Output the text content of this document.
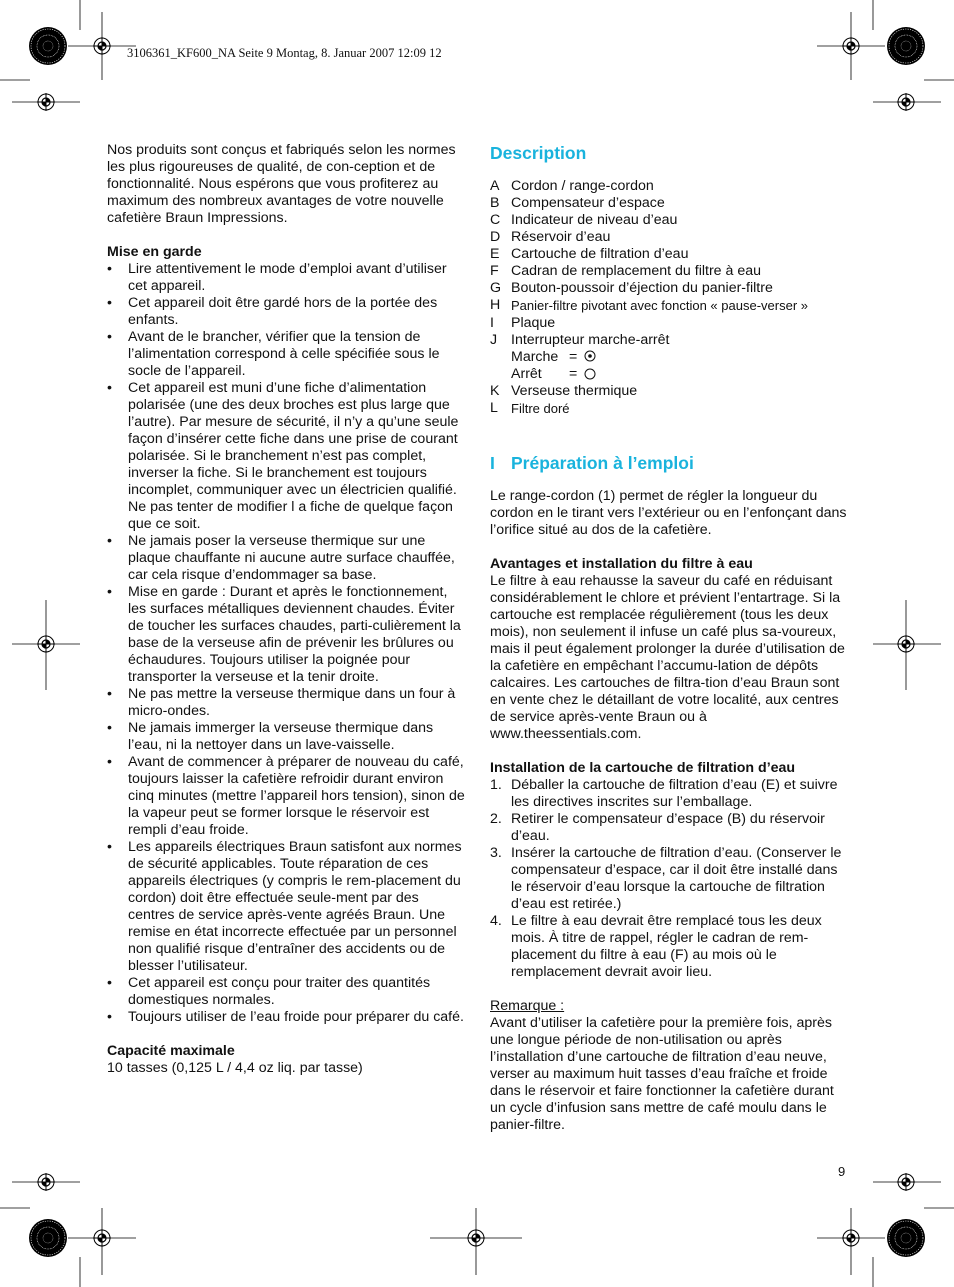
3106361_KF600_NA Seite 9 Montag, 8. Januar 2007 12:09 12

Nos produits sont conçus et fabriqués selon les normes les plus rigoureuses de qualité, de con-ception et de fonctionnalité. Nous espérons que vous profiterez au maximum des nombreux avantages de votre nouvelle cafetière Braun Impressions.

Mise en garde

• Lire attentivement le mode d’emploi avant d’utiliser cet appareil.
• Cet appareil doit être gardé hors de la portée des enfants.
• Avant de le brancher, vérifier que la tension de l’alimentation correspond à celle spécifiée sous le socle de l’appareil.
• Cet appareil est muni d’une fiche d’alimentation polarisée (une des deux broches est plus large que l’autre). Par mesure de sécurité, il n’y a qu’une seule façon d’insérer cette fiche dans une prise de courant polarisée. Si le branchement n’est pas complet, inverser la fiche. Si le branchement est toujours incomplet, communiquer avec un électricien qualifié. Ne pas tenter de modifier l a fiche de quelque façon que ce soit.
• Ne jamais poser la verseuse thermique sur une plaque chauffante ni aucune autre surface chauffée, car cela risque d’endommager sa base.
• Mise en garde : Durant et après le fonctionnement, les surfaces métalliques deviennent chaudes. Éviter de toucher les surfaces chaudes, parti-culièrement la base de la verseuse afin de prévenir les brûlures ou échaudures. Toujours utiliser la poignée pour transporter la verseuse et la tenir droite.
• Ne pas mettre la verseuse thermique dans un four à micro-ondes.
• Ne jamais immerger la verseuse thermique dans l’eau, ni la nettoyer dans un lave-vaisselle.
• Avant de commencer à préparer de nouveau du café, toujours laisser la cafetière refroidir durant environ cinq minutes (mettre l’appareil hors tension), sinon de la vapeur peut se former lorsque le réservoir est rempli d’eau froide.
• Les appareils électriques Braun satisfont aux normes de sécurité applicables. Toute réparation de ces appareils électriques (y compris le rem-placement du cordon) doit être effectuée seule-ment par des centres de service après-vente agréés Braun. Une remise en état incorrecte effectuée par un personnel non qualifié risque d’entraîner des accidents ou de blesser l’utilisateur.
• Cet appareil est conçu pour traiter des quantités domestiques normales.
• Toujours utiliser de l’eau froide pour préparer du café.

Capacité maximale

10 tasses (0,125 L / 4,4 oz liq. par tasse)

Description
A Cordon / range-cordon
B Compensateur d’espace
C Indicateur de niveau d’eau
D Réservoir d’eau
E Cartouche de filtration d’eau
F Cadran de remplacement du filtre à eau
G Bouton-poussoir d’éjection du panier-filtre
H Panier-filtre pivotant avec fonction « pause-verser »
I Plaque
J Interrupteur marche-arrêt
Marche =
Arrêt =
K Verseuse thermique
L Filtre doré
I Préparation à l’emploi

Le range-cordon (1) permet de régler la longueur du cordon en le tirant vers l’extérieur ou en l’enfonçant dans l’orifice situé au dos de la cafetière.

Avantages et installation du filtre à eau

Le filtre à eau rehausse la saveur du café en réduisant considérablement le chlore et prévient l’entartrage. Si la cartouche est remplacée régulièrement (tous les deux mois), non seulement il infuse un café plus sa-voureux, mais il peut également prolonger la durée d’utilisation de la cafetière en empêchant l’accumu-lation de dépôts calcaires. Les cartouches de filtra-tion d’eau Braun sont en vente chez le détaillant de votre localité, aux centres de service après-vente Braun ou à www.theessentials.com.

Installation de la cartouche de filtration d’eau

1. Déballer la cartouche de filtration d’eau (E) et suivre les directives inscrites sur l’emballage.
2. Retirer le compensateur d’espace (B) du réservoir d’eau.
3. Insérer la cartouche de filtration d’eau. (Conserver le compensateur d’espace, car il doit être installé dans le réservoir d’eau lorsque la cartouche de filtration d’eau est retirée.)
4. Le filtre à eau devrait être remplacé tous les deux mois. À titre de rappel, régler le cadran de rem-placement du filtre à eau (F) au mois où le remplacement devrait avoir lieu.

Remarque :

Avant d’utiliser la cafetière pour la première fois, après une longue période de non-utilisation ou après l’installation d’une cartouche de filtration d’eau neuve, verser au maximum huit tasses d’eau fraîche et froide dans le réservoir et faire fonctionner la cafetière durant un cycle d’infusion sans mettre de café moulu dans le panier-filtre.

9
